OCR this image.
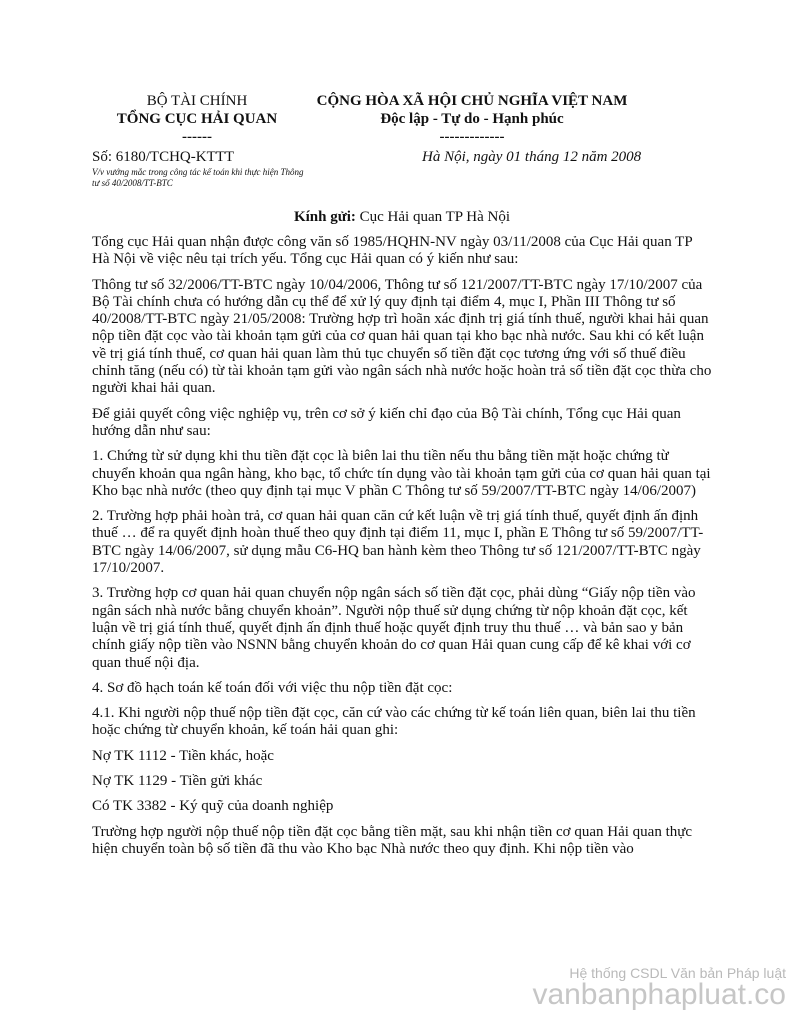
BỘ TÀI CHÍNH
TỔNG CỤC HẢI QUAN
------
CỘNG HÒA XÃ HỘI CHỦ NGHĨA VIỆT NAM
Độc lập - Tự do - Hạnh phúc
-------------
Số: 6180/TCHQ-KTTT
V/v vướng mắc trong công tác kế toán khi thực hiện Thông tư số 40/2008/TT-BTC
Hà Nội, ngày 01 tháng 12 năm 2008
Kính gửi: Cục Hải quan TP Hà Nội

Tổng cục Hải quan nhận được công văn số 1985/HQHN-NV ngày 03/11/2008 của Cục Hải quan TP Hà Nội về việc nêu tại trích yếu. Tổng cục Hải quan có ý kiến như sau:

Thông tư số 32/2006/TT-BTC ngày 10/04/2006, Thông tư số 121/2007/TT-BTC ngày 17/10/2007 của Bộ Tài chính chưa có hướng dẫn cụ thể để xử lý quy định tại điểm 4, mục I, Phần III Thông tư số 40/2008/TT-BTC ngày 21/05/2008: Trường hợp trì hoãn xác định trị giá tính thuế, người khai hải quan nộp tiền đặt cọc vào tài khoản tạm gửi của cơ quan hải quan tại kho bạc nhà nước. Sau khi có kết luận về trị giá tính thuế, cơ quan hải quan làm thủ tục chuyển số tiền đặt cọc tương ứng với số thuế điều chỉnh tăng (nếu có) từ tài khoản tạm gửi vào ngân sách nhà nước hoặc hoàn trả số tiền đặt cọc thừa cho người khai hải quan.

Để giải quyết công việc nghiệp vụ, trên cơ sở ý kiến chỉ đạo của Bộ Tài chính, Tổng cục Hải quan hướng dẫn như sau:

1. Chứng từ sử dụng khi thu tiền đặt cọc là biên lai thu tiền nếu thu bằng tiền mặt hoặc chứng từ chuyển khoản qua ngân hàng, kho bạc, tổ chức tín dụng vào tài khoản tạm gửi của cơ quan hải quan tại Kho bạc nhà nước (theo quy định tại mục V phần C Thông tư số 59/2007/TT-BTC ngày 14/06/2007)

2. Trường hợp phải hoàn trả, cơ quan hải quan căn cứ kết luận về trị giá tính thuế, quyết định ấn định thuế … để ra quyết định hoàn thuế theo quy định tại điểm 11, mục I, phần E Thông tư số 59/2007/TT-BTC ngày 14/06/2007, sử dụng mẫu C6-HQ ban hành kèm theo Thông tư số 121/2007/TT-BTC ngày 17/10/2007.

3. Trường hợp cơ quan hải quan chuyển nộp ngân sách số tiền đặt cọc, phải dùng “Giấy nộp tiền vào ngân sách nhà nước bằng chuyển khoản”. Người nộp thuế sử dụng chứng từ nộp khoản đặt cọc, kết luận về trị giá tính thuế, quyết định ấn định thuế hoặc quyết định truy thu thuế … và bản sao y bản chính giấy nộp tiền vào NSNN bằng chuyển khoản do cơ quan Hải quan cung cấp để kê khai với cơ quan thuế nội địa.

4. Sơ đồ hạch toán kế toán đối với việc thu nộp tiền đặt cọc:

4.1. Khi người nộp thuế nộp tiền đặt cọc, căn cứ vào các chứng từ kế toán liên quan, biên lai thu tiền hoặc chứng từ chuyển khoản, kế toán hải quan ghi:

Nợ TK 1112 - Tiền khác, hoặc

Nợ TK 1129 - Tiền gửi khác

Có TK 3382 - Ký quỹ của doanh nghiệp

Trường hợp người nộp thuế nộp tiền đặt cọc bằng tiền mặt, sau khi nhận tiền cơ quan Hải quan thực hiện chuyển toàn bộ số tiền đã thu vào Kho bạc Nhà nước theo quy định. Khi nộp tiền vào

Hệ thống CSDL Văn bản Pháp luật
vanbanphapluat.co
